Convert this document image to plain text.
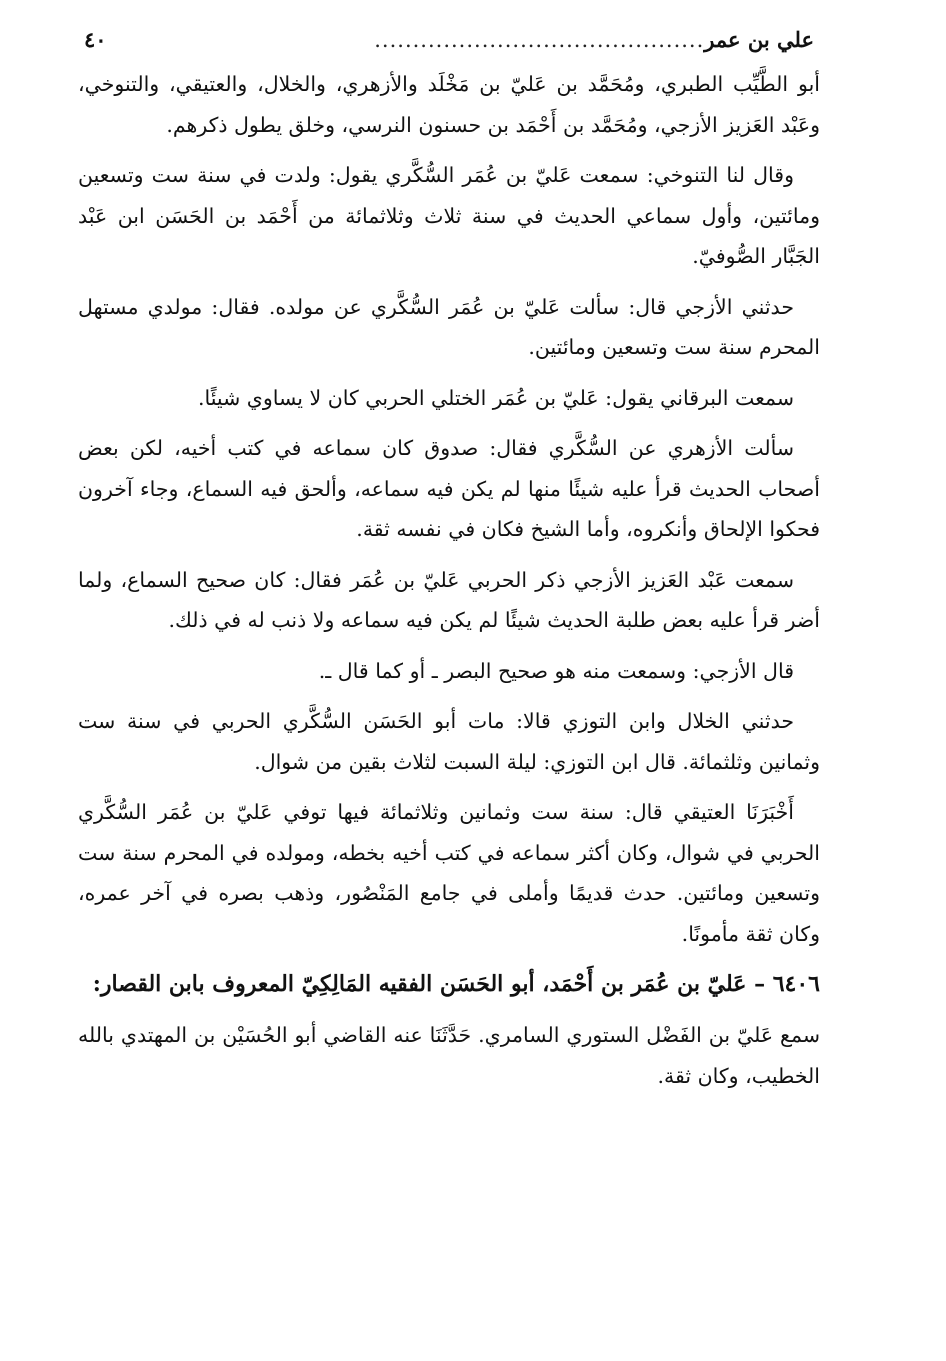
علي بن عمر
...........................................
٤٠

أبو الطَّيِّب الطبري، ومُحَمَّد بن عَليّ بن مَخْلَد والأزهري، والخلال، والعتيقي، والتنوخي، وعَبْد العَزيز الأزجي، ومُحَمَّد بن أَحْمَد بن حسنون النرسي، وخلق يطول ذكرهم.

وقال لنا التنوخي: سمعت عَليّ بن عُمَر السُّكَّري يقول: ولدت في سنة ست وتسعين ومائتين، وأول سماعي الحديث في سنة ثلاث وثلاثمائة من أَحْمَد بن الحَسَن ابن عَبْد الجَبَّار الصُّوفيّ.

حدثني الأزجي قال: سألت عَليّ بن عُمَر السُّكَّري عن مولده. فقال: مولدي مستهل المحرم سنة ست وتسعين ومائتين.

سمعت البرقاني يقول: عَليّ بن عُمَر الختلي الحربي كان لا يساوي شيئًا.

سألت الأزهري عن السُّكَّري فقال: صدوق كان سماعه في كتب أخيه، لكن بعض أصحاب الحديث قرأ عليه شيئًا منها لم يكن فيه سماعه، وألحق فيه السماع، وجاء آخرون فحكوا الإلحاق وأنكروه، وأما الشيخ فكان في نفسه ثقة.

سمعت عَبْد العَزيز الأزجي ذكر الحربي عَليّ بن عُمَر فقال: كان صحيح السماع، ولما أضر قرأ عليه بعض طلبة الحديث شيئًا لم يكن فيه سماعه ولا ذنب له في ذلك.

قال الأزجي: وسمعت منه هو صحيح البصر ـ أو كما قال ـ.

حدثني الخلال وابن التوزي قالا: مات أبو الحَسَن السُّكَّري الحربي في سنة ست وثمانين وثلثمائة. قال ابن التوزي: ليلة السبت لثلاث بقين من شوال.

أَخْبَرَنَا العتيقي قال: سنة ست وثمانين وثلاثمائة فيها توفي عَليّ بن عُمَر السُّكَّري الحربي في شوال، وكان أكثر سماعه في كتب أخيه بخطه، ومولده في المحرم سنة ست وتسعين ومائتين. حدث قديمًا وأملى في جامع المَنْصُور، وذهب بصره في آخر عمره، وكان ثقة مأمونًا.

٦٤٠٦ – عَليّ بن عُمَر بن أَحْمَد، أبو الحَسَن الفقيه المَالِكِيّ المعروف بابن القصار:

سمع عَليّ بن الفَضْل الستوري السامري. حَدَّثَنَا عنه القاضي أبو الحُسَيْن بن المهتدي بالله الخطيب، وكان ثقة.
